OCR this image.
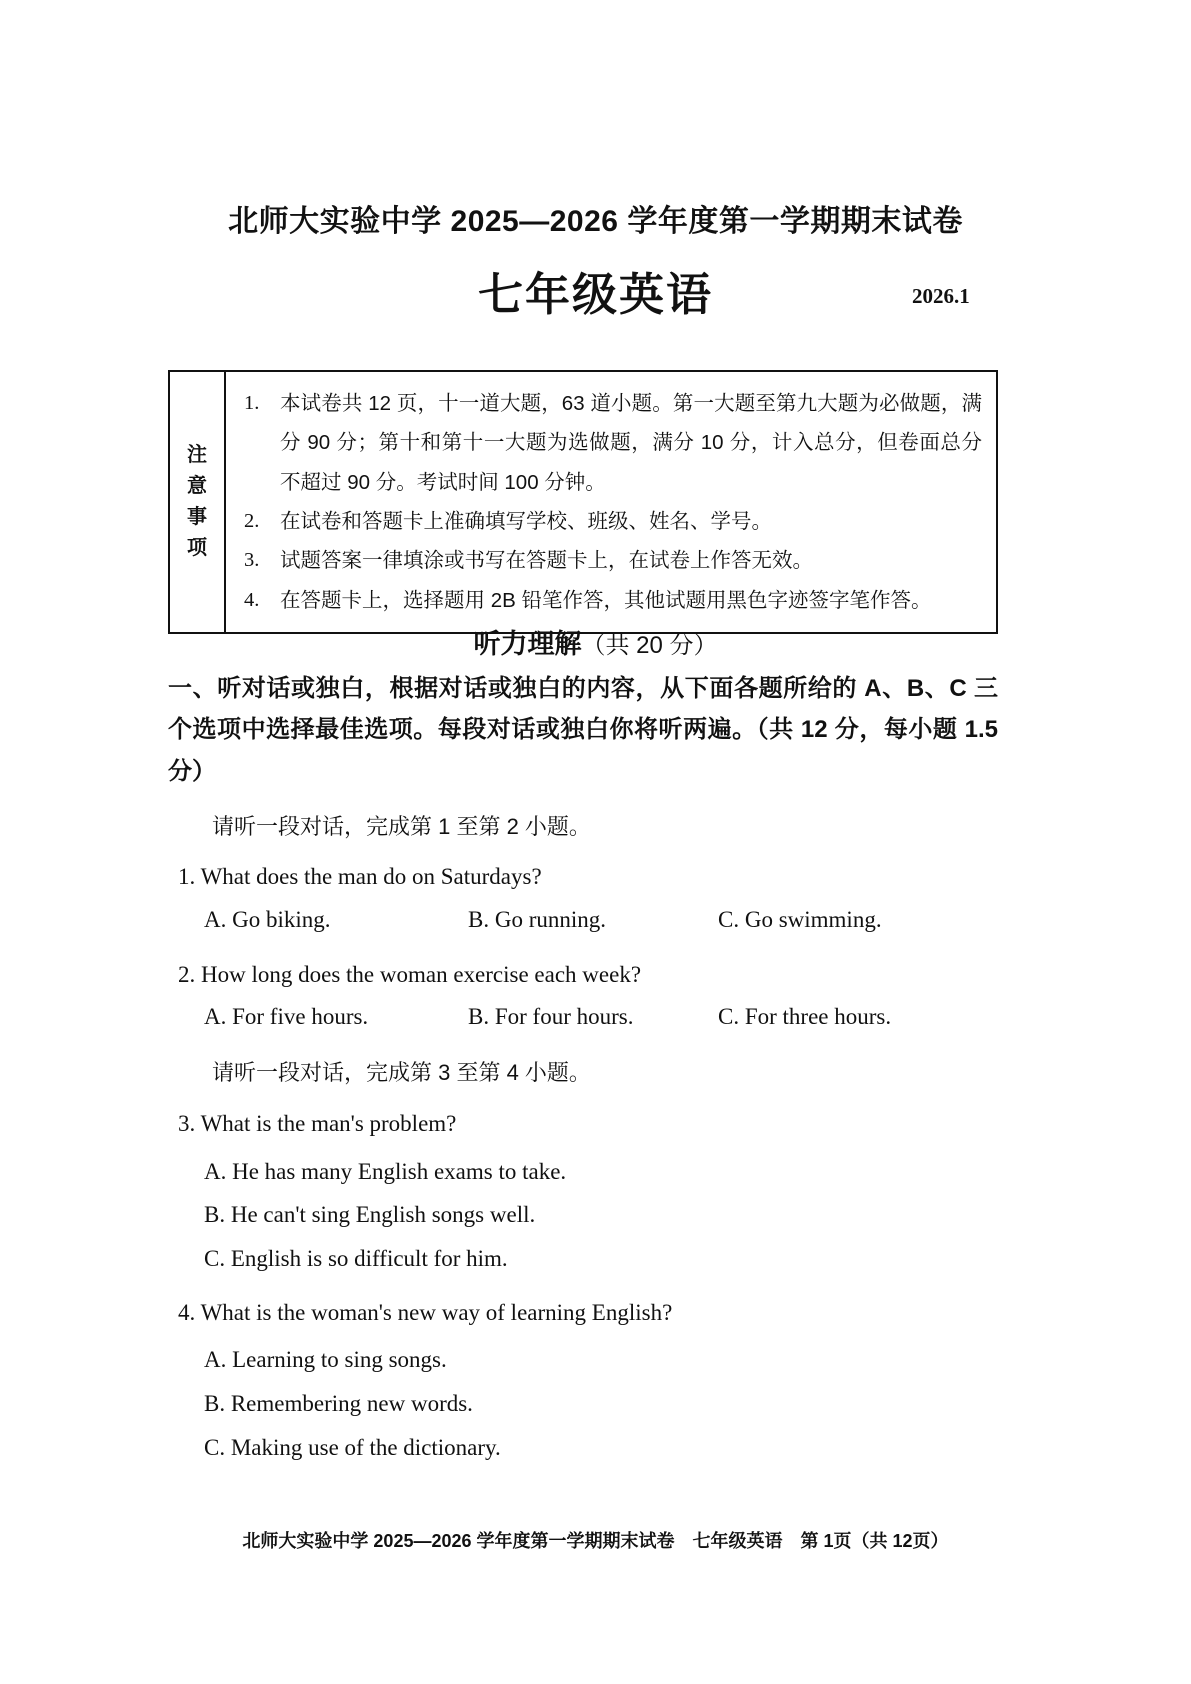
北师大实验中学 2025—2026 学年度第一学期期末试卷
七年级英语	2026.1
注
意
事
项
1.	本试卷共 12 页，十一道大题，63 道小题。第一大题至第九大题为必做题，满分 90 分；第十和第十一大题为选做题，满分 10 分，计入总分，但卷面总分不超过 90 分。考试时间 100 分钟。
2.	在试卷和答题卡上准确填写学校、班级、姓名、学号。
3.	试题答案一律填涂或书写在答题卡上，在试卷上作答无效。
4.	在答题卡上，选择题用 2B 铅笔作答，其他试题用黑色字迹签字笔作答。
听力理解（共 20 分）

一、听对话或独白，根据对话或独白的内容，从下面各题所给的 A、B、C 三个选项中选择最佳选项。每段对话或独白你将听两遍。（共 12 分，每小题 1.5 分）

请听一段对话，完成第 1 至第 2 小题。

1. What does the man do on Saturdays?
A. Go biking.	B. Go running.	C. Go swimming.
2. How long does the woman exercise each week?
A. For five hours.	B. For four hours.	C. For three hours.

请听一段对话，完成第 3 至第 4 小题。

3. What is the man's problem?
A. He has many English exams to take.
B. He can't sing English songs well.
C. English is so difficult for him.
4. What is the woman's new way of learning English?
A. Learning to sing songs.
B. Remembering new words.
C. Making use of the dictionary.
北师大实验中学 2025—2026 学年度第一学期期末试卷 七年级英语 第 1页（共 12页）
